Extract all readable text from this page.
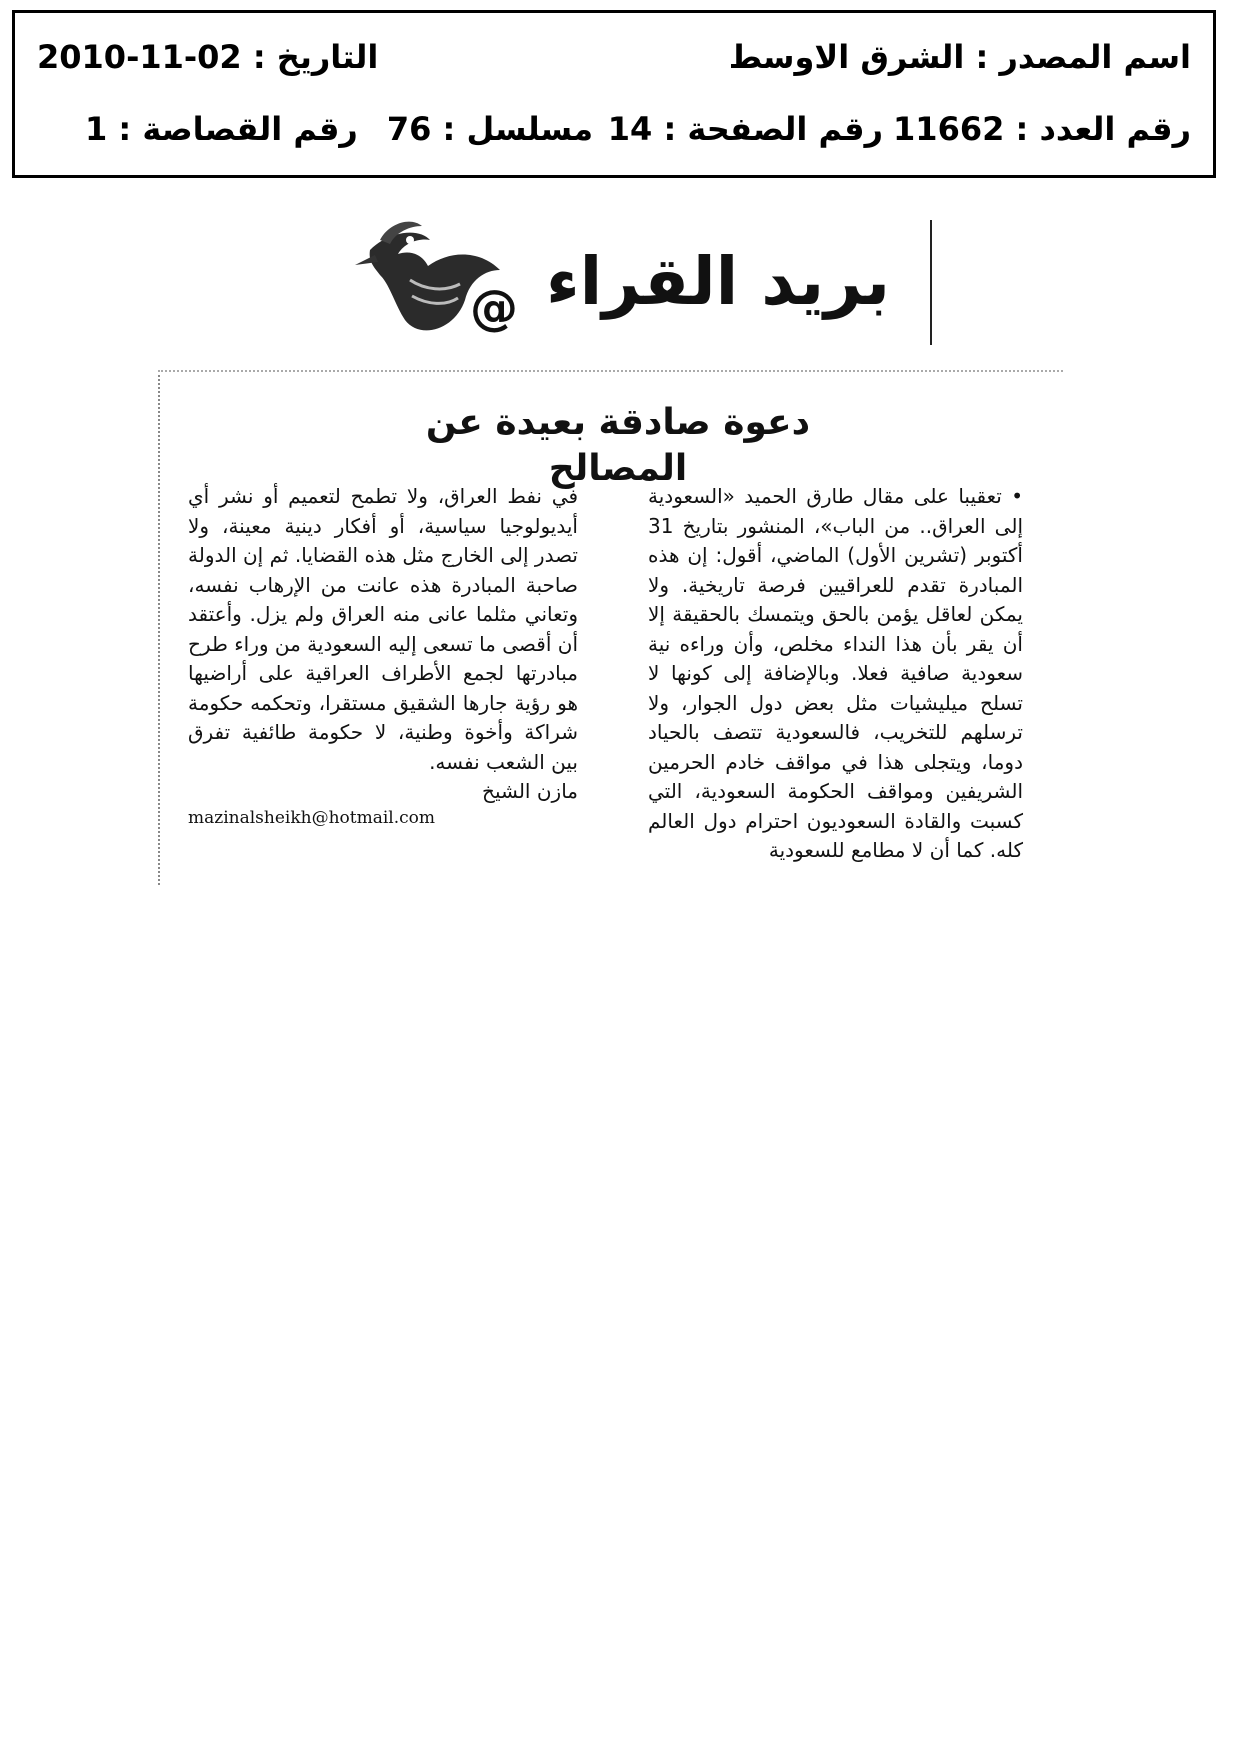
اسم المصدر : الشرق الاوسط
التاريخ : 2010-11-02
رقم العدد : 11662
رقم الصفحة : 14
مسلسل : 76
رقم القصاصة : 1
بريد القراء
@
دعوة صادقة بعيدة عن المصالح

• تعقيبا على مقال طارق الحميد «السعودية إلى العراق.. من الباب»، المنشور بتاريخ 31 أكتوبر (تشرين الأول) الماضي، أقول: إن هذه المبادرة تقدم للعراقيين فرصة تاريخية. ولا يمكن لعاقل يؤمن بالحق ويتمسك بالحقيقة إلا أن يقر بأن هذا النداء مخلص، وأن وراءه نية سعودية صافية فعلا. وبالإضافة إلى كونها لا تسلح ميليشيات مثل بعض دول الجوار، ولا ترسلهم للتخريب، فالسعودية تتصف بالحياد دوما، ويتجلى هذا في مواقف خادم الحرمين الشريفين ومواقف الحكومة السعودية، التي كسبت والقادة السعوديون احترام دول العالم كله. كما أن لا مطامع للسعودية

في نفط العراق، ولا تطمح لتعميم أو نشر أي أيديولوجيا سياسية، أو أفكار دينية معينة، ولا تصدر إلى الخارج مثل هذه القضايا. ثم إن الدولة صاحبة المبادرة هذه عانت من الإرهاب نفسه، وتعاني مثلما عانى منه العراق ولم يزل. وأعتقد أن أقصى ما تسعى إليه السعودية من وراء طرح مبادرتها لجمع الأطراف العراقية على أراضيها هو رؤية جارها الشقيق مستقرا، وتحكمه حكومة شراكة وأخوة وطنية، لا حكومة طائفية تفرق بين الشعب نفسه.

مازن الشيخ
mazinalsheikh@hotmail.com
